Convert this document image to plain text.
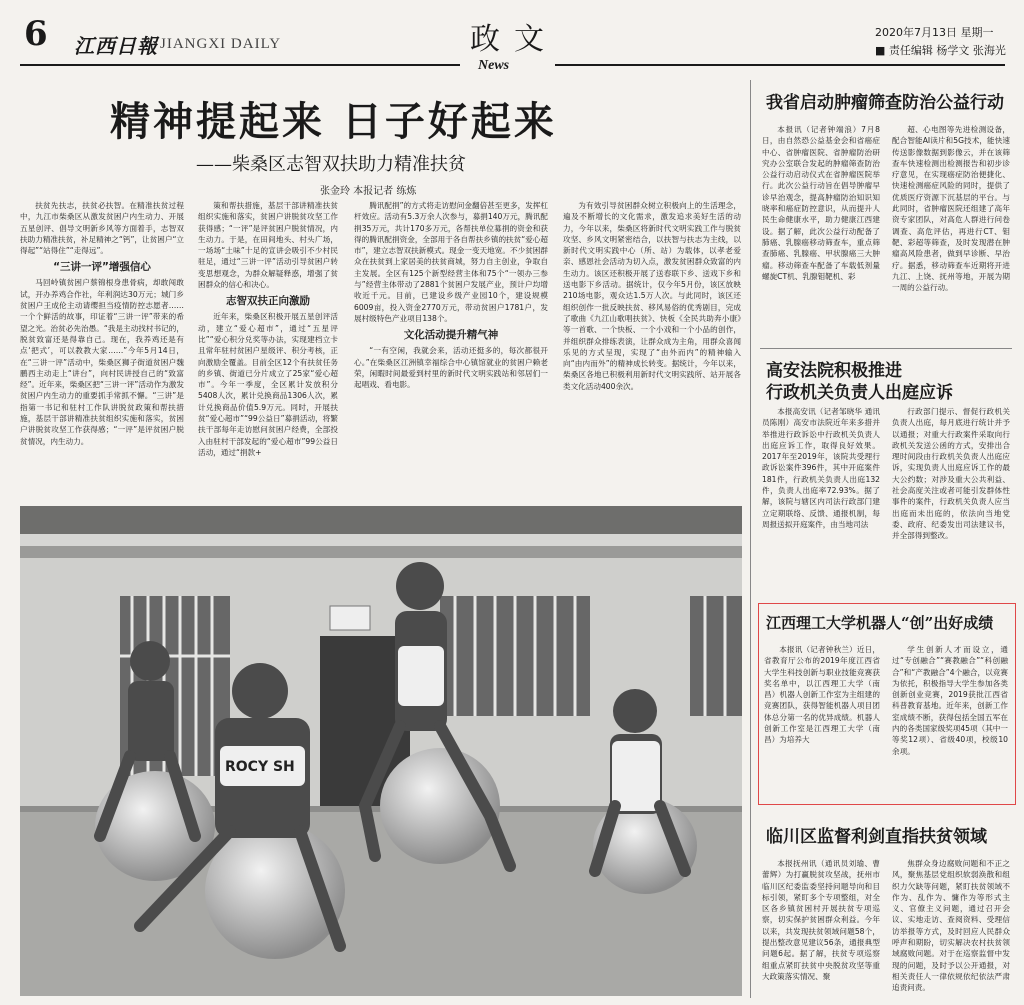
6 江西日報 JIANGXI DAILY	政文
News
2020年7月13日 星期一
■ 责任编辑 杨学文 张海光
精神提起来 日子好起来
——柴桑区志智双扶助力精准扶贫
张金玲 本报记者 练炼

扶贫先扶志，扶贫必扶智。在精准扶贫过程中，九江市柴桑区从激发贫困户内生动力、开展五星创评、倡导文明新乡风等方面着手，志智双扶助力精准扶贫，补足精神之“钙”，让贫困户“立得起”“站得住”“走得远”。

“三讲一评”增强信心

马回岭镇贫困户蔡锦根身患骨病，却敢闯敢试，开办养鸡合作社，年利润达30万元；城门乡贫困户王成伦主动请缨担当疫情防控志愿者……一个个鲜活的故事，印证着“三讲一评”带来的希望之光。治贫必先治愚。“我是主动找村书记的，脱贫致富还是得靠自己。现在，我养鸡还是有点‘把式’，可以教教大家……”今年5月14日，在“三讲一评”活动中，柴桑区狮子街道贫困户魏鹏西主动走上“讲台”，向村民讲授自己的“致富经”。近年来，柴桑区把“三讲一评”活动作为激发贫困户内生动力的重要抓手常抓不懈。“三讲”是指第一书记和驻村工作队讲脱贫政策和帮扶措施，基层干部讲精准扶贫组织实施和落实，贫困户讲脱贫攻坚工作获得感；“一评”是评贫困户脱贫情况，内生动力。

策和帮扶措施，基层干部讲精准扶贫组织实施和落实，贫困户讲脱贫攻坚工作获得感；“一评”是评贫困户脱贫情况，内生动力。于是，在田间地头、村头广场，一场场“土味”十足的宣讲会吸引不少村民驻足，通过“三讲一评”活动引导贫困户转变思想观念，为群众解疑释惑，增强了贫困群众的信心和决心。

志智双扶正向激励

近年来，柴桑区积极开展五星创评活动，建立“爱心超市”，通过“五星评比”“爱心积分兑奖等办法，实现建档立卡且常年驻村贫困户星级评、积分考核，正向激励全覆盖。目前全区12个有扶贫任务的乡镇、街道已分片成立了25家“爱心超市”。今年一季度，全区累计发放积分5408人次，累计兑换商品1306人次，累计兑换商品价值5.9万元。同时，开展扶贫“爱心超市”“99公益日”募捐活动，将繁扶干部每年走访慰问贫困户经费，全部投入由驻村干部发起的“爱心超市”99公益日活动，通过“捐款+

腾讯配捐”的方式将走访慰问金翻倍甚至更多，发挥杠杆效应。活动有5.3万余人次参与，募捐140万元，腾讯配捐35万元，共计170多万元，各帮扶单位募捐的资金和获得的腾讯配捐资金，全部用于各自帮扶乡镇的扶贫“爱心超市”，建立志智双扶新模式。现金一变天地宽。不少贫困群众在扶贫到上家居美的扶贫商城，努力自主创业，争取自主发展。全区有125个新型经营主体和75个“一领办三参与”经营主体带动了2881个贫困户发展产业，预计户均增收近千元。目前，已建设乡级产业园10个，建设规模6009亩，投入资金2770万元，带动贫困户1781户，发展村级特色产业项目138个。

文化活动提升精气神

“一有空闲，我就会来，活动还挺多的，每次都很开心。”在柴桑区江洲镇幸福综合中心镇馆就业的贫困户赖老荣，闲暇时间最爱到村里的新时代文明实践站和邻居们一起唱戏、看电影。

为有效引导贫困群众树立积极向上的生活理念，遍及不断增长的文化需求，激发追求美好生活的动力，今年以来，柴桑区将新时代文明实践工作与脱贫攻坚、乡风文明紧密结合，以扶智与扶志为主线，以新时代文明实践中心（所、站）为载体，以孝老爱亲、感恩社会活动为切入点，激发贫困群众致富的内生动力。该区还积极开展了送春联下乡、送戏下乡和送电影下乡活动。据统计，仅今年5月份，该区放映210场电影，观众达1.5万人次。与此同时，该区还组织创作一批反映扶贫、移风易俗的优秀剧目，完成了歌曲《九江山歌唱扶贫》、快板《全民共助奔小康》等一首歌、一个快板、一个小戏和一个小品的创作，并组织群众排练表演，让群众成为主角，用群众喜闻乐见的方式呈现，实现了“由外而内”的精神输入向“由内而外”的精神成长转变。据统计，今年以来，柴桑区各地已积极利用新时代文明实践所、站开展各类文化活动400余次。

ROCY SH
我省启动肿瘤筛查防治公益行动

本报讯（记者钟端浪）7月8日，由自然恐公益基金会和省癌症中心、省肿瘤医院、省肿瘤防治研究办公室联合发起的肿瘤筛查防治公益行动启动仪式在省肿瘤医院举行。此次公益行动旨在倡导肿瘤早诊早治观念，提高肿瘤防治知识知晓率和癌症防控意识，从而提升人民生命健康水平，助力健康江西建设。据了解，此次公益行动配备了肺癌、乳腺癌移动筛查车，重点筛查肺癌、乳腺癌、甲状腺癌三大肿瘤。移动筛查车配备了车载低剂量螺旋CT机、乳腺钼靶机、彩

超、心电图等先进检测设备，配合智能AI读片和5G技术，能快速传送影像数据到影像云，并在该筛查车快速检测出检测报告和初步诊疗意见，在实现癌症防治便捷化、快速检测癌症风险的同时，提供了优质医疗资源下沉基层的平台。与此同时，省肿瘤医院还组建了高年资专家团队，对高危人群进行问卷调查、高危评估，再进行CT、钼靶、彩超等筛查，及时发现潜在肿瘤高风险患者，做到早诊断、早治疗。据悉，移动筛查车近期将开进九江、上饶、抚州等地，开展为期一周的公益行动。

高安法院积极推进
行政机关负责人出庭应诉

本报高安讯（记者邹晓华 通讯员陈刚）高安市法院近年来多措并举推进行政诉讼中行政机关负责人出庭应诉工作，取得良好效果。2017年至2019年，该院共受理行政诉讼案件396件，其中开庭案件181件，行政机关负责人出庭132件，负责人出庭率72.93%。据了解，该院与辖区内司法行政部门建立定期联络、反馈、通报机制，每周报送拟开庭案件，由当地司法

行政部门提示、督促行政机关负责人出庭，每月底进行统计并予以通报；对重大行政案件采取向行政机关发送公函的方式，安排出合理时间段由行政机关负责人出庭应诉，实现负责人出庭应诉工作的最大公约数；对涉及重大公共利益、社会高度关注或者可能引发群体性事件的案件，行政机关负责人应当出庭而未出庭的，依法向当地党委、政府、纪委发出司法建议书，并全部得到整改。

江西理工大学机器人“创”出好成绩

本报讯（记者钟秋兰）近日，省教育厅公布的2019年度江西省大学生科技创新与职业技能竞赛获奖名单中，以江西理工大学（南昌）机器人创新工作室为主组建的竞赛团队，获得智能机器人项目团体总分第一名的优异成绩。机器人创新工作室是江西理工大学（南昌）为培养大

学生创新人才而设立，通过“专创融合”“赛教融合”“科创融合”和“产教融合”4个融合，以竞赛为依托，积极指导大学生参加各类创新创业竞赛，2019获批江西省科普教育基地。近年来，创新工作室成绩不断，获得包括全国五军在内的各类国家级奖项45项（其中一等奖12项）、省级40项，校级10余项。

临川区监督利剑直指扶贫领域

本报抚州讯（通讯员刘瑜、曹蕾辉）为打赢脱贫攻坚战，抚州市临川区纪委监委坚持问题导向和目标引领，紧盯多个专项整组，对全区各乡镇贫困村开展扶贫专项巡察，切实保护贫困群众利益。今年以来，共发现扶贫领域问题58个，提出整改意见建议56条，通报典型问题6起。据了解，扶贫专项巡察组重点紧盯扶贫中央脱贫攻坚等重大政策落实情况、聚

焦群众身边腐败问题和不正之风，聚焦基层党组织软弱涣散和组织力欠缺等问题，紧盯扶贫领域不作为、乱作为、慵作为等形式主义、官僚主义问题，通过召开会议、实地走访、查阅资料、受理信访举报等方式，及时回应人民群众呼声和期盼，切实解决农村扶贫领域腐败问题。对于在巡察监督中发现的问题，及时予以公开通报，对相关责任人一律依规依纪依法严肃追责问责。
